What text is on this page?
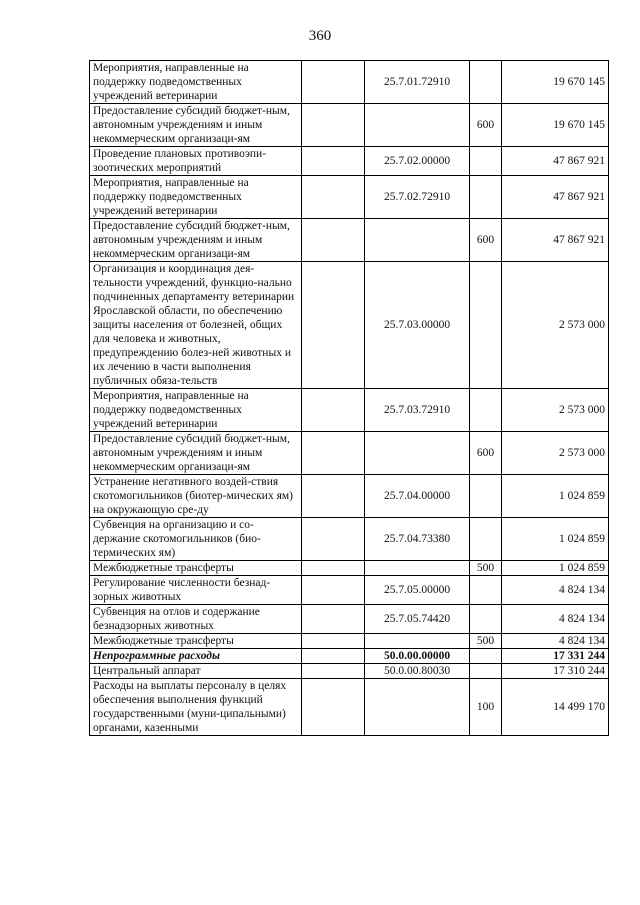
360
Мероприятия, направленные на поддержку подведомственных учреждений ветеринарии		25.7.01.72910		19 670 145
Предоставление субсидий бюджет-ным, автономным учреждениям и иным некоммерческим организаци-ям			600	19 670 145
Проведение плановых противоэпи-зоотических мероприятий		25.7.02.00000		47 867 921
Мероприятия, направленные на поддержку подведомственных учреждений ветеринарии		25.7.02.72910		47 867 921
Предоставление субсидий бюджет-ным, автономным учреждениям и иным некоммерческим организаци-ям			600	47 867 921
Организация и координация дея-тельности учреждений, функцио-нально подчиненных департаменту ветеринарии Ярославской области, по обеспечению защиты населения от болезней, общих для человека и животных, предупреждению болез-ней животных и их лечению в части выполнения публичных обяза-тельств		25.7.03.00000		2 573 000
Мероприятия, направленные на поддержку подведомственных учреждений ветеринарии		25.7.03.72910		2 573 000
Предоставление субсидий бюджет-ным, автономным учреждениям и иным некоммерческим организаци-ям			600	2 573 000
Устранение негативного воздей-ствия скотомогильников (биотер-мических ям) на окружающую сре-ду		25.7.04.00000		1 024 859
Субвенция на организацию и со-держание скотомогильников (био-термических ям)		25.7.04.73380		1 024 859
Межбюджетные трансферты			500	1 024 859
Регулирование численности безнад-зорных животных		25.7.05.00000		4 824 134
Субвенция на отлов и содержание безнадзорных животных		25.7.05.74420		4 824 134
Межбюджетные трансферты			500	4 824 134
Непрограммные расходы		50.0.00.00000		17 331 244
Центральный аппарат		50.0.00.80030		17 310 244
Расходы на выплаты персоналу в целях обеспечения выполнения функций государственными (муни-ципальными) органами, казенными			100	14 499 170
